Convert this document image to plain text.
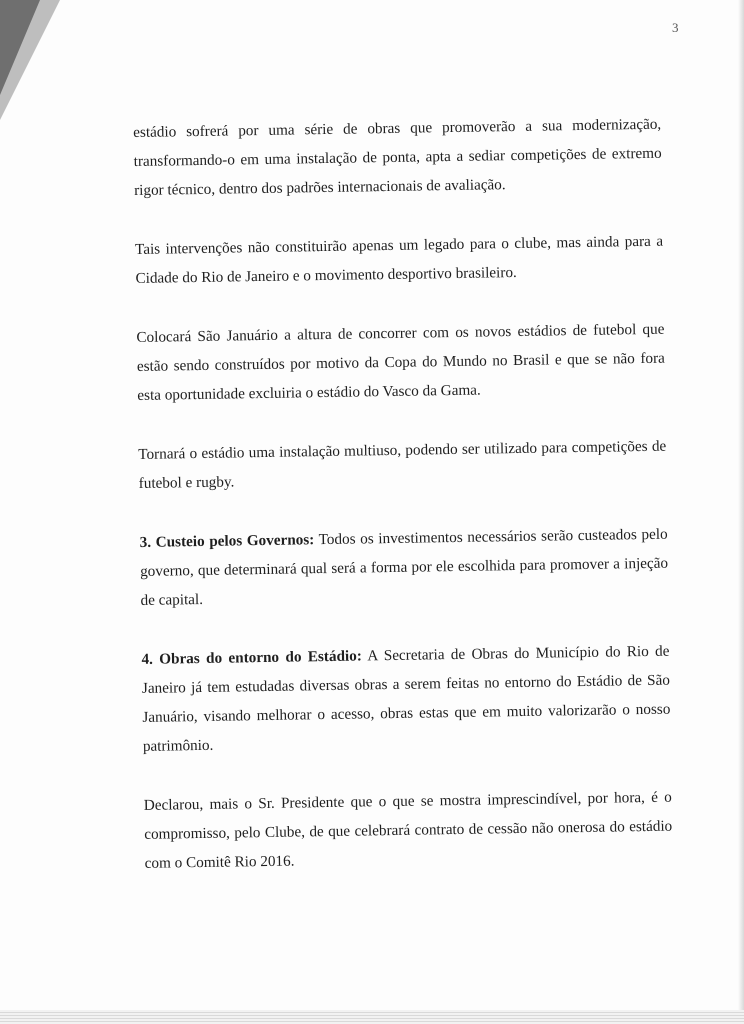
3

estádio sofrerá por uma série de obras que promoverão a sua modernização, transformando-o em uma instalação de ponta, apta a sediar competições de extremo rigor técnico, dentro dos padrões internacionais de avaliação.

Tais intervenções não constituirão apenas um legado para o clube, mas ainda para a Cidade do Rio de Janeiro e o movimento desportivo brasileiro.

Colocará São Januário a altura de concorrer com os novos estádios de futebol que estão sendo construídos por motivo da Copa do Mundo no Brasil e que se não fora esta oportunidade excluiria o estádio do Vasco da Gama.

Tornará o estádio uma instalação multiuso, podendo ser utilizado para competições de futebol e rugby.

3. Custeio pelos Governos: Todos os investimentos necessários serão custeados pelo governo, que determinará qual será a forma por ele escolhida para promover a injeção de capital.

4. Obras do entorno do Estádio: A Secretaria de Obras do Município do Rio de Janeiro já tem estudadas diversas obras a serem feitas no entorno do Estádio de São Januário, visando melhorar o acesso, obras estas que em muito valorizarão o nosso patrimônio.

Declarou, mais o Sr. Presidente que o que se mostra imprescindível, por hora, é o compromisso, pelo Clube, de que celebrará contrato de cessão não onerosa do estádio com o Comitê Rio 2016.
